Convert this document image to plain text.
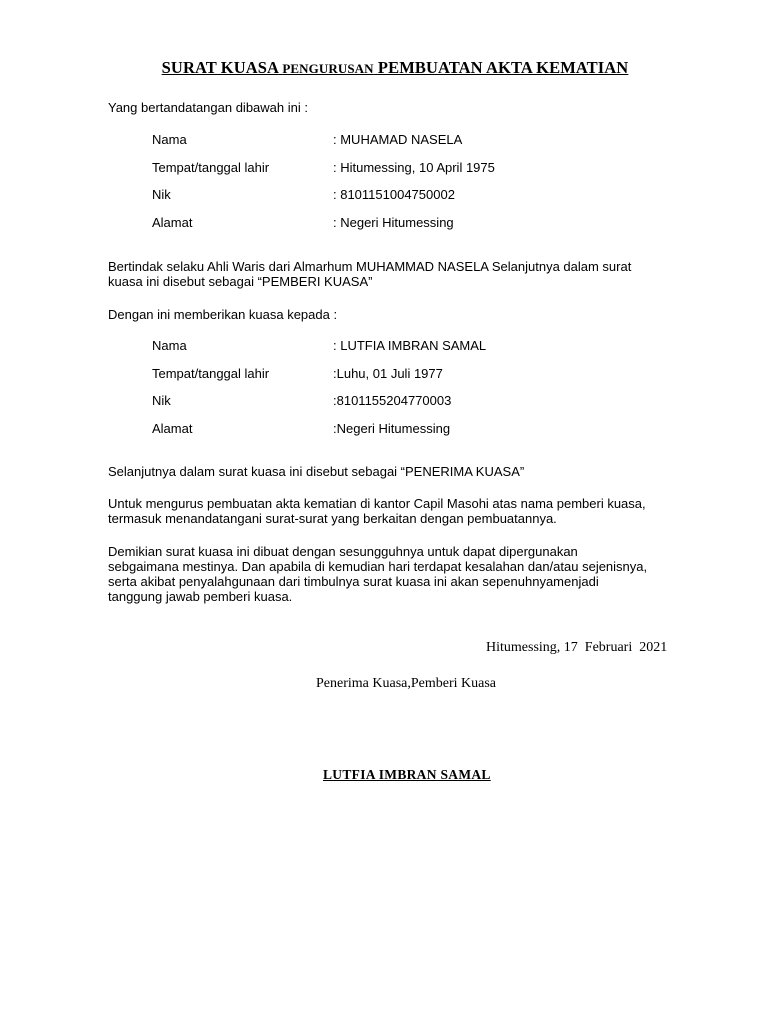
SURAT KUASA PENGURUSAN PEMBUATAN AKTA KEMATIAN
Yang bertandatangan dibawah ini :
Nama	: MUHAMAD NASELA
Tempat/tanggal lahir	: Hitumessing, 10 April 1975
Nik	: 8101151004750002
Alamat	: Negeri Hitumessing
Bertindak selaku Ahli Waris dari Almarhum MUHAMMAD NASELA Selanjutnya dalam surat
kuasa ini disebut sebagai “PEMBERI KUASA”
Dengan ini memberikan kuasa kepada :
Nama	: LUTFIA IMBRAN SAMAL
Tempat/tanggal lahir	:Luhu, 01 Juli 1977
Nik	:8101155204770003
Alamat	:Negeri Hitumessing
Selanjutnya dalam surat kuasa ini disebut sebagai “PENERIMA KUASA”
Untuk mengurus pembuatan akta kematian di kantor Capil Masohi atas nama pemberi kuasa,
termasuk menandatangani surat-surat yang berkaitan dengan pembuatannya.
Demikian surat kuasa ini dibuat dengan sesungguhnya untuk dapat dipergunakan
sebgaimana mestinya. Dan apabila di kemudian hari terdapat kesalahan dan/atau sejenisnya,
serta akibat penyalahgunaan dari timbulnya surat kuasa ini akan sepenuhnyamenjadi
tanggung jawab pemberi kuasa.
Hitumessing, 17  Februari  2021
Penerima Kuasa,Pemberi Kuasa
LUTFIA IMBRAN SAMAL
